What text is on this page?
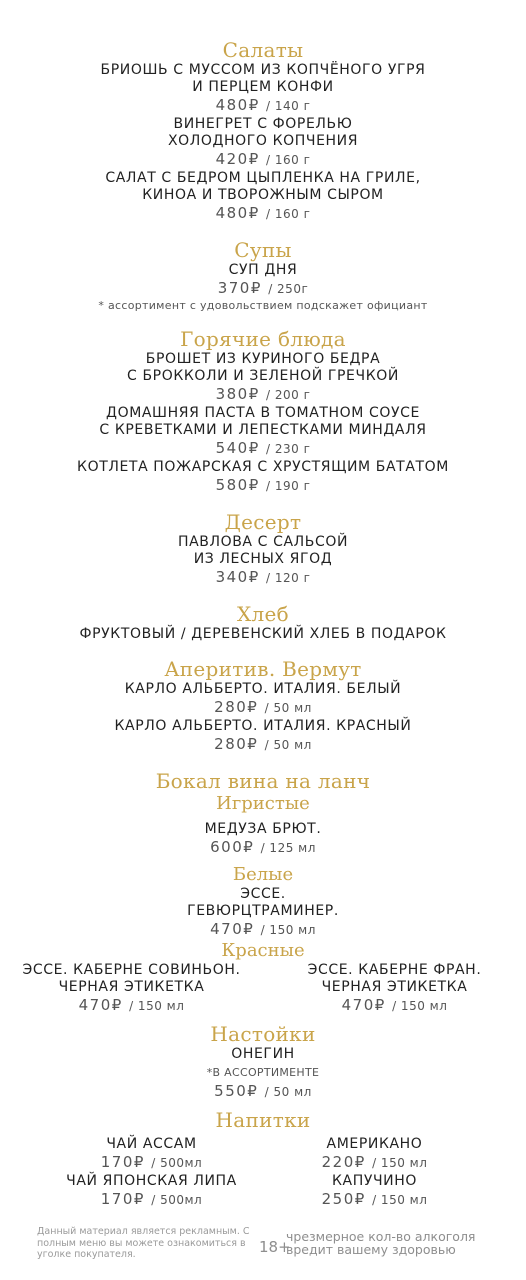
Салаты
БРИОШЬ С МУССОМ ИЗ КОПЧЁНОГО УГРЯ
И ПЕРЦЕМ КОНФИ
480₽ / 140 г
ВИНЕГРЕТ С ФОРЕЛЬЮ
ХОЛОДНОГО КОПЧЕНИЯ
420₽ / 160 г
САЛАТ С БЕДРОМ ЦЫПЛЕНКА НА ГРИЛЕ,
КИНОА И ТВОРОЖНЫМ СЫРОМ
480₽ / 160 г
Супы
СУП ДНЯ
370₽ / 250г
* ассортимент с удовольствием подскажет официант
Горячие блюда
БРОШЕТ ИЗ КУРИНОГО БЕДРА
С БРОККОЛИ И ЗЕЛЕНОЙ ГРЕЧКОЙ
380₽ / 200 г
ДОМАШНЯЯ ПАСТА В ТОМАТНОМ СОУСЕ
С КРЕВЕТКАМИ И ЛЕПЕСТКАМИ МИНДАЛЯ
540₽ / 230 г
КОТЛЕТА ПОЖАРСКАЯ С ХРУСТЯЩИМ БАТАТОМ
580₽ / 190 г
Десерт
ПАВЛОВА С САЛЬСОЙ
ИЗ ЛЕСНЫХ ЯГОД
340₽ / 120 г
Хлеб
ФРУКТОВЫЙ / ДЕРЕВЕНСКИЙ ХЛЕБ В ПОДАРОК
Аперитив. Вермут
КАРЛО АЛЬБЕРТО. ИТАЛИЯ. БЕЛЫЙ
280₽ / 50 мл
КАРЛО АЛЬБЕРТО. ИТАЛИЯ. КРАСНЫЙ
280₽ / 50 мл
Бокал вина на ланч
Игристые
МЕДУЗА БРЮТ.
600₽ / 125 мл
Белые
ЭССЕ.
ГЕВЮРЦТРАМИНЕР.
470₽ / 150 мл
Красные
ЭССЕ. КАБЕРНЕ СОВИНЬОН.
ЧЕРНАЯ ЭТИКЕТКА
470₽ / 150 мл
ЭССЕ. КАБЕРНЕ ФРАН.
ЧЕРНАЯ ЭТИКЕТКА
470₽ / 150 мл
Настойки
ОНЕГИН
*В АССОРТИМЕНТЕ
550₽ / 50 мл
Напитки
ЧАЙ АССАМ
170₽ / 500мл
ЧАЙ ЯПОНСКАЯ ЛИПА
170₽ / 500мл
АМЕРИКАНО
220₽ / 150 мл
КАПУЧИНО
250₽ / 150 мл
Данный материал является рекламным. С полным меню вы можете ознакомиться в уголке покупателя.	18+
чрезмерное кол-во алкоголя вредит вашему здоровью
